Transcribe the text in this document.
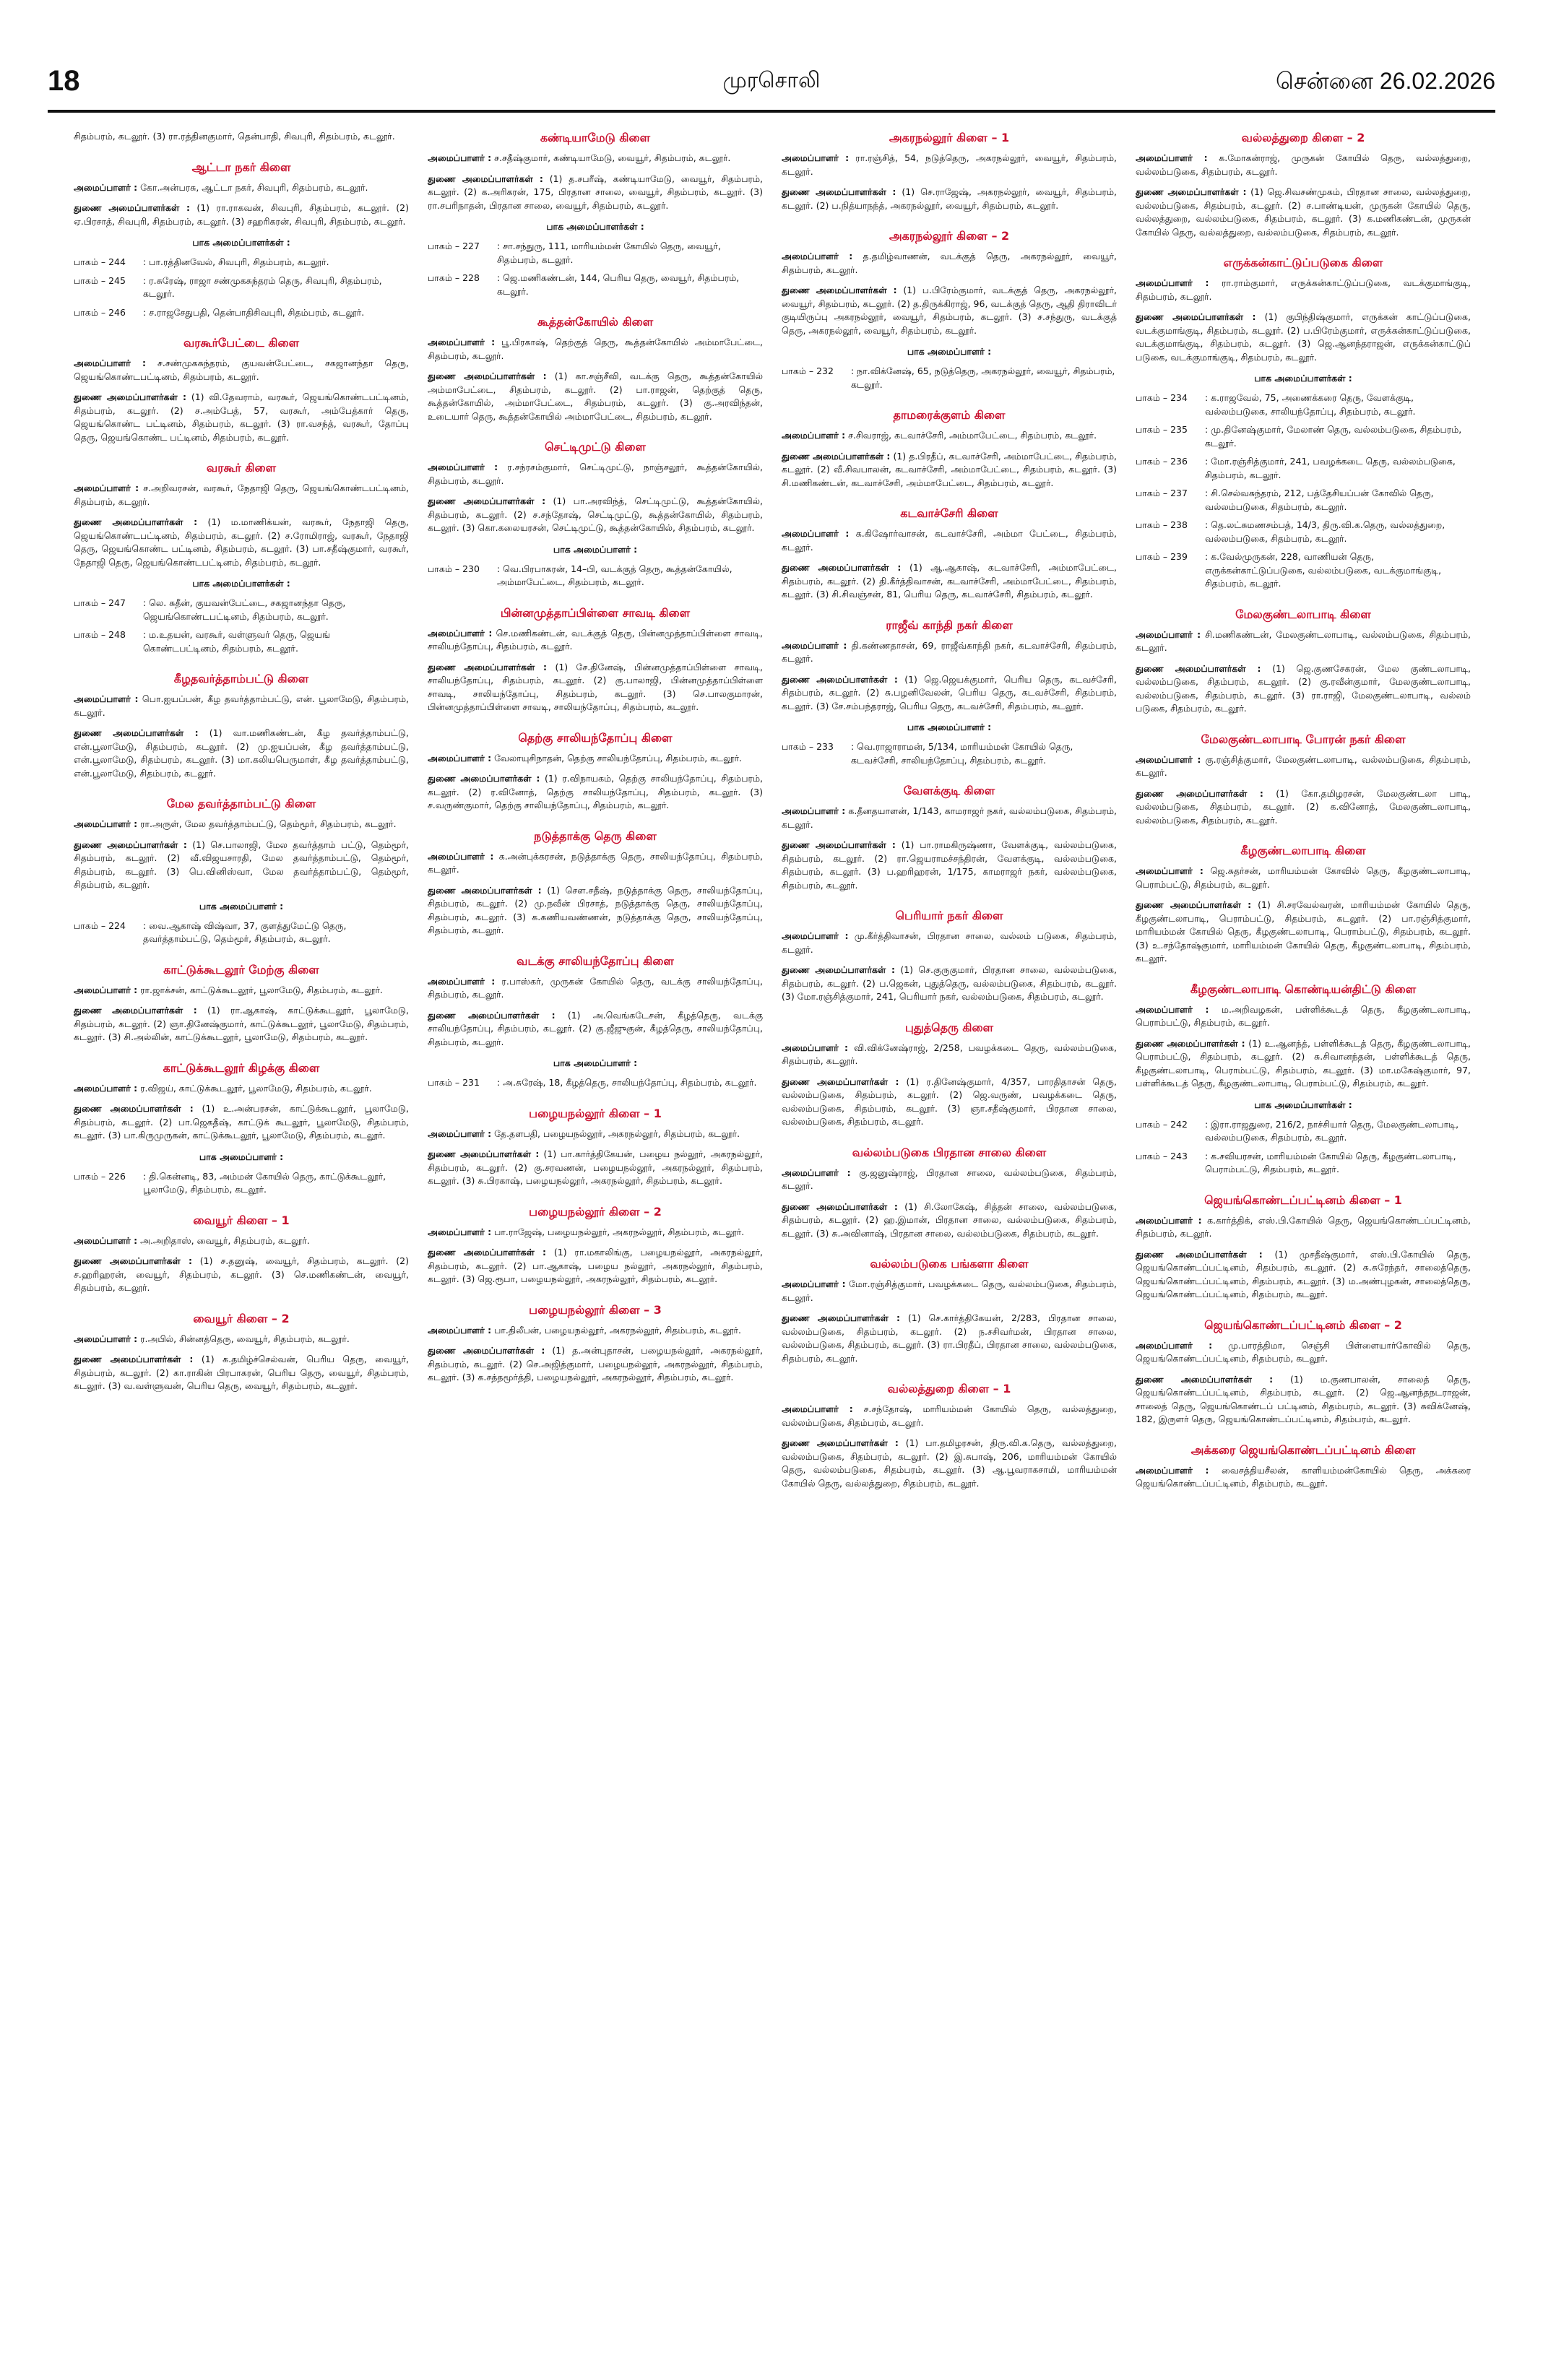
18	முரசொலி	சென்னை 26.02.2026
சிதம்பரம், கடலூர். (3) ரா.ரத்தினகுமார், தென்பாதி, சிவபுரி, சிதம்பரம், கடலூர்.
ஆட்டா நகர் கிளை
அமைப்பாளர் : கோ.அன்பரசு, ஆட்டா நகர், சிவபுரி, சிதம்பரம், கடலூர்.
துணை அமைப்பாளர்கள் : (1) ரா.ராகவன், சிவபுரி, சிதம்பரம், கடலூர். (2) ஏ.பிரசாத், சிவபுரி, சிதம்பரம், கடலூர். (3) சஹரிகரன், சிவபுரி, சிதம்பரம், கடலூர்.
பாக அமைப்பாளர்கள் :
பாகம் – 244	: பா.ரத்தினவேல், சிவபுரி, சிதம்பரம், கடலூர்.
பாகம் – 245	: ர.சுரேஷ், ராஜா சண்முகசுந்தரம் தெரு, சிவபுரி, சிதம்பரம், கடலூர்.
பாகம் – 246	: ச.ராஜசேதுபதி, தென்பாதிசிவபுரி, சிதம்பரம், கடலூர்.
வரகூர்பேட்டை கிளை
அமைப்பாளர் : ச.சண்முகசுந்தரம், குயவன்பேட்டை, சகஜானந்தா தெரு, ஜெயங்கொண்டபட்டினம், சிதம்பரம், கடலூர்.
துணை அமைப்பாளர்கள் : (1) வி.தேவராம், வரகூர், ஜெயங்கொண்டபட்டினம், சிதம்பரம், கடலூர். (2) ச.அம்பேத், 57, வரகூர், அம்பேத்கார் தெரு, ஜெயங்கொண்ட பட்டினம், சிதம்பரம், கடலூர். (3) ரா.வசந்த், வரகூர், தோப்பு தெரு, ஜெயங்கொண்ட பட்டினம், சிதம்பரம், கடலூர்.
வரகூர் கிளை
அமைப்பாளர் : ச.அறிவரசன், வரகூர், நேதாஜி தெரு, ஜெயங்கொண்டபட்டினம், சிதம்பரம், கடலூர்.
துணை அமைப்பாளர்கள் : (1) ம.மாணிக்யன், வரகூர், நேதாஜி தெரு, ஜெயங்கொண்டபட்டினம், சிதம்பரம், கடலூர். (2) ச.ரோமிராஜ், வரகூர், நேதாஜி தெரு, ஜெயங்கொண்ட பட்டினம், சிதம்பரம், கடலூர். (3) பா.சதீஷ்குமார், வரகூர், நேதாஜி தெரு, ஜெயங்கொண்டபட்டினம், சிதம்பரம், கடலூர்.
பாக அமைப்பாளர்கள் :
பாகம் – 247	: லெ. சுதீன், குயவன்பேட்டை, சகஜானந்தா தெரு, ஜெயங்கொண்டபட்டினம், சிதம்பரம், கடலூர்.
பாகம் – 248	: ம.உதயன், வரகூர், வள்ளுவர் தெரு, ஜெயங் கொண்டபட்டினம், சிதம்பரம், கடலூர்.
கீழதவர்த்தாம்பட்டு கிளை
அமைப்பாளர் : பொ.ஐயப்பன், கீழ தவர்த்தாம்பட்டு, என். பூலாமேடு, சிதம்பரம், கடலூர்.
துணை அமைப்பாளர்கள் : (1) வா.மணிகண்டன், கீழ தவர்த்தாம்பட்டு, என்.பூலாமேடு, சிதம்பரம், கடலூர். (2) மு.ஐயப்பன், கீழ தவர்த்தாம்பட்டு, என்.பூலாமேடு, சிதம்பரம், கடலூர். (3) மா.கலியபெருமாள், கீழ தவர்த்தாம்பட்டு, என்.பூலாமேடு, சிதம்பரம், கடலூர்.
மேல தவர்த்தாம்பட்டு கிளை
அமைப்பாளர் : ரா.அருள், மேல தவர்த்தாம்பட்டு, தெம்மூர், சிதம்பரம், கடலூர்.
துணை அமைப்பாளர்கள் : (1) செ.பாலாஜி, மேல தவர்த்தாம் பட்டு, தெம்மூர், சிதம்பரம், கடலூர். (2) வீ.விஜயசாரதி, மேல தவர்த்தாம்பட்டு, தெம்மூர், சிதம்பரம், கடலூர். (3) பெ.வினிஸ்வா, மேல தவர்த்தாம்பட்டு, தெம்மூர், சிதம்பரம், கடலூர்.
பாக அமைப்பாளர் :
பாகம் – 224	: வை.ஆகாஷ் விஷ்வா, 37, குளத்துமேட்டு தெரு, தவர்த்தாம்பட்டு, தெம்மூர், சிதம்பரம், கடலூர்.
காட்டுக்கூடலூர் மேற்கு கிளை
அமைப்பாளர் : ரா.ஜாக்சன், காட்டுக்கூடலூர், பூலாமேடு, சிதம்பரம், கடலூர்.
துணை அமைப்பாளர்கள் : (1) ரா.ஆகாஷ், காட்டுக்கூடலூர், பூலாமேடு, சிதம்பரம், கடலூர். (2) ஞா.தினேஷ்குமார், காட்டுக்கூடலூர், பூலாமேடு, சிதம்பரம், கடலூர். (3) சி.அல்லின், காட்டுக்கூடலூர், பூலாமேடு, சிதம்பரம், கடலூர்.
காட்டுக்கூடலூர் கிழக்கு கிளை
அமைப்பாளர் : ர.விஜய், காட்டுக்கூடலூர், பூலாமேடு, சிதம்பரம், கடலூர்.
துணை அமைப்பாளர்கள் : (1) உ.அன்பரசன், காட்டுக்கூடலூர், பூலாமேடு, சிதம்பரம், கடலூர். (2) பா.ஜெகதீஷ், காட்டுக் கூடலூர், பூலாமேடு, சிதம்பரம், கடலூர். (3) பா.கிருமுருகன், காட்டுக்கூடலூர், பூலாமேடு, சிதம்பரம், கடலூர்.
பாக அமைப்பாளர் :
பாகம் – 226	: தி.கென்னடி, 83, அம்மன் கோயில் தெரு, காட்டுக்கூடலூர், பூலாமேடு, சிதம்பரம், கடலூர்.
வையூர் கிளை – 1
அமைப்பாளர் : அ.அறிதாஸ், வையூர், சிதம்பரம், கடலூர்.
துணை அமைப்பாளர்கள் : (1) ச.தனுஷ், வையூர், சிதம்பரம், கடலூர். (2) ச.ஹரிஹரன், வையூர், சிதம்பரம், கடலூர். (3) செ.மணிகண்டன், வையூர், சிதம்பரம், கடலூர்.
வையூர் கிளை – 2
அமைப்பாளர் : ர.அபில், சின்னத்தெரு, வையூர், சிதம்பரம், கடலூர்.
துணை அமைப்பாளர்கள் : (1) க.தமிழ்ச்செல்வன், பெரிய தெரு, வையூர், சிதம்பரம், கடலூர். (2) கா.ராகின் பிரபாகரன், பெரிய தெரு, வையூர், சிதம்பரம், கடலூர். (3) வ.வள்ளுவன், பெரிய தெரு, வையூர், சிதம்பரம், கடலூர்.
கண்டியாமேடு கிளை
அமைப்பாளர் : ச.சதீஷ்குமார், கண்டியாமேடு, வையூர், சிதம்பரம், கடலூர்.
துணை அமைப்பாளர்கள் : (1) த.சபரீஷ், கண்டியாமேடு, வையூர், சிதம்பரம், கடலூர். (2) க.அரிகரன், 175, பிரதான சாலை, வையூர், சிதம்பரம், கடலூர். (3) ரா.சபரிநாதன், பிரதான சாலை, வையூர், சிதம்பரம், கடலூர்.
பாக அமைப்பாளர்கள் :
பாகம் – 227	: சா.சந்துரு, 111, மாரியம்மன் கோயில் தெரு, வையூர், சிதம்பரம், கடலூர்.
பாகம் – 228	: ஜெ.மணிகண்டன், 144, பெரிய தெரு, வையூர், சிதம்பரம், கடலூர்.
கூத்தன்கோயில் கிளை
அமைப்பாளர் : பூ.பிரகாஷ், தெற்குத் தெரு, கூத்தன்கோயில் அம்மாபேட்டை, சிதம்பரம், கடலூர்.
துணை அமைப்பாளர்கள் : (1) கா.சஞ்சீவி, வடக்கு தெரு, கூத்தன்கோயில் அம்மாபேட்டை, சிதம்பரம், கடலூர். (2) பா.ராஜன், தெற்குத் தெரு, கூத்தன்கோயில், அம்மாபேட்டை, சிதம்பரம், கடலூர். (3) கு.அரவிந்தன், உடையார் தெரு, கூத்தன்கோயில் அம்மாபேட்டை, சிதம்பரம், கடலூர்.
செட்டிமுட்டு கிளை
அமைப்பாளர் : ர.சந்ரசம்குமார், செட்டிமுட்டு, நாஞ்சலூர், கூத்தன்கோயில், சிதம்பரம், கடலூர்.
துணை அமைப்பாளர்கள் : (1) பா.அரவிந்த், செட்டிமுட்டு, கூத்தன்கோயில், சிதம்பரம், கடலூர். (2) ச.சந்தோஷ், செட்டிமுட்டு, கூத்தன்கோயில், சிதம்பரம், கடலூர். (3) கொ.கலையரசன், செட்டிமுட்டு, கூத்தன்கோயில், சிதம்பரம், கடலூர்.
பாக அமைப்பாளர் :
பாகம் – 230	: வெ.பிரபாகரன், 14–பி, வடக்குத் தெரு, கூத்தன்கோயில், அம்மாபேட்டை, சிதம்பரம், கடலூர்.
பின்னமுத்தாப்பிள்ளை சாவடி கிளை
அமைப்பாளர் : செ.மணிகண்டன், வடக்குத் தெரு, பின்னமுத்தாப்பிள்ளை சாவடி, சாலியந்தோப்பு, சிதம்பரம், கடலூர்.
துணை அமைப்பாளர்கள் : (1) சே.தினேஷ், பின்னமுத்தாப்பிள்ளை சாவடி, சாலியந்தோப்பு, சிதம்பரம், கடலூர். (2) கு.பாலாஜி, பின்னமுத்தாப்பிள்ளை சாவடி, சாலியந்தோப்பு, சிதம்பரம், கடலூர். (3) செ.பாலகுமாரன், பின்னமுத்தாப்பிள்ளை சாவடி, சாலியந்தோப்பு, சிதம்பரம், கடலூர்.
தெற்கு சாலியந்தோப்பு கிளை
அமைப்பாளர் : வேலாயுசிநாதன், தெற்கு சாலியந்தோப்பு, சிதம்பரம், கடலூர்.
துணை அமைப்பாளர்கள் : (1) ர.விநாயகம், தெற்கு சாலியந்தோப்பு, சிதம்பரம், கடலூர். (2) ர.வினோத், தெற்கு சாலியந்தோப்பு, சிதம்பரம், கடலூர். (3) ச.வருண்குமார், தெற்கு சாலியந்தோப்பு, சிதம்பரம், கடலூர்.
நடுத்தாக்கு தெரு கிளை
அமைப்பாளர் : க.அன்புக்கரசன், நடுத்தாக்கு தெரு, சாலியந்தோப்பு, சிதம்பரம், கடலூர்.
துணை அமைப்பாளர்கள் : (1) செள.சதீஷ், நடுத்தாக்கு தெரு, சாலியந்தோப்பு, சிதம்பரம், கடலூர். (2) மு.நவீன் பிரசாத், நடுத்தாக்கு தெரு, சாலியந்தோப்பு, சிதம்பரம், கடலூர். (3) க.கணியவண்ணன், நடுத்தாக்கு தெரு, சாலியந்தோப்பு, சிதம்பரம், கடலூர்.
வடக்கு சாலியந்தோப்பு கிளை
அமைப்பாளர் : ர.பாஸ்கர், முருகன் கோயில் தெரு, வடக்கு சாலியந்தோப்பு, சிதம்பரம், கடலூர்.
துணை அமைப்பாளர்கள் : (1) அ.வெங்கடேசன், கீழத்தெரு, வடக்கு சாலியந்தோப்பு, சிதம்பரம், கடலூர். (2) கு.ஜீஜுகுன், கீழத்தெரு, சாலியந்தோப்பு, சிதம்பரம், கடலூர்.
பாக அமைப்பாளர் :
பாகம் – 231	: அ.சுரேஷ், 18, கீழத்தெரு, சாலியந்தோப்பு, சிதம்பரம், கடலூர்.
பழையநல்லூர் கிளை – 1
அமைப்பாளர் : தே.தளபதி, பழையநல்லூர், அகரநல்லூர், சிதம்பரம், கடலூர்.
துணை அமைப்பாளர்கள் : (1) பா.கார்த்திகேயன், பழைய நல்லூர், அகரநல்லூர், சிதம்பரம், கடலூர். (2) கு.சரவணன், பழையநல்லூர், அகரநல்லூர், சிதம்பரம், கடலூர். (3) சு.பிரகாஷ், பழையநல்லூர், அகரநல்லூர், சிதம்பரம், கடலூர்.
பழையநல்லூர் கிளை – 2
அமைப்பாளர் : பா.ராஜேஷ், பழையநல்லூர், அகரநல்லூர், சிதம்பரம், கடலூர்.
துணை அமைப்பாளர்கள் : (1) ரா.மகாலிங்கு, பழையநல்லூர், அகரநல்லூர், சிதம்பரம், கடலூர். (2) பா.ஆகாஷ், பழைய நல்லூர், அகரநல்லூர், சிதம்பரம், கடலூர். (3) ஜெ.ரூபா, பழையநல்லூர், அகரநல்லூர், சிதம்பரம், கடலூர்.
பழையநல்லூர் கிளை – 3
அமைப்பாளர் : பா.திலீபன், பழையநல்லூர், அகரநல்லூர், சிதம்பரம், கடலூர்.
துணை அமைப்பாளர்கள் : (1) த.அன்புதாசன், பழையநல்லூர், அகரநல்லூர், சிதம்பரம், கடலூர். (2) செ.அஜித்குமார், பழையநல்லூர், அகரநல்லூர், சிதம்பரம், கடலூர். (3) க.சத்தமூர்த்தி, பழையநல்லூர், அகரநல்லூர், சிதம்பரம், கடலூர்.
அகரநல்லூர் கிளை – 1
அமைப்பாளர் : ரா.ரஞ்சித், 54, நடுத்தெரு, அகரநல்லூர், வையூர், சிதம்பரம், கடலூர்.
துணை அமைப்பாளர்கள் : (1) செ.ராஜேஷ், அகரநல்லூர், வையூர், சிதம்பரம், கடலூர். (2) ப.நித்யாநந்த், அகரநல்லூர், வையூர், சிதம்பரம், கடலூர்.
அகரநல்லூர் கிளை – 2
அமைப்பாளர் : த.தமிழ்வாணன், வடக்குத் தெரு, அகரநல்லூர், வையூர், சிதம்பரம், கடலூர்.
துணை அமைப்பாளர்கள் : (1) ப.பிரேம்குமார், வடக்குத் தெரு, அகரநல்லூர், வையூர், சிதம்பரம், கடலூர். (2) த.திருக்கிராஜ், 96, வடக்குத் தெரு, ஆதி திராவிடர் குடியிருப்பு அகரநல்லூர், வையூர், சிதம்பரம், கடலூர். (3) ச.சந்துரு, வடக்குத் தெரு, அகரநல்லூர், வையூர், சிதம்பரம், கடலூர்.
பாக அமைப்பாளர் :
பாகம் – 232	: நா.விக்னேஷ், 65, நடுத்தெரு, அகரநல்லூர், வையூர், சிதம்பரம், கடலூர்.
தாமரைக்குளம் கிளை
அமைப்பாளர் : ச.சிவராஜ், கடவாச்சேரி, அம்மாபேட்டை, சிதம்பரம், கடலூர்.
துணை அமைப்பாளர்கள் : (1) த.பிரதீப், கடவாச்சேரி, அம்மாபேட்டை, சிதம்பரம், கடலூர். (2) வீ.சிவபாலன், கடவாச்சேரி, அம்மாபேட்டை, சிதம்பரம், கடலூர். (3) சி.மணிகண்டன், கடவாச்சேரி, அம்மாபேட்டை, சிதம்பரம், கடலூர்.
கடவாச்சேரி கிளை
அமைப்பாளர் : க.கிஷோர்வாசன், கடவாச்சேரி, அம்மா பேட்டை, சிதம்பரம், கடலூர்.
துணை அமைப்பாளர்கள் : (1) ஆ.ஆகாஷ், கடவாச்சேரி, அம்மாபேட்டை, சிதம்பரம், கடலூர். (2) தி.கீர்த்திவாசன், கடவாச்சேரி, அம்மாபேட்டை, சிதம்பரம், கடலூர். (3) சி.சிவஞ்சன், 81, பெரிய தெரு, கடவாச்சேரி, சிதம்பரம், கடலூர்.
ராஜீவ் காந்தி நகர் கிளை
அமைப்பாளர் : தி.கண்ணதாசன், 69, ராஜீவ்காந்தி நகர், கடவாச்சேரி, சிதம்பரம், கடலூர்.
துணை அமைப்பாளர்கள் : (1) ஜெ.ஜெயக்குமார், பெரிய தெரு, கடவச்சேரி, சிதம்பரம், கடலூர். (2) சு.பழனிவேலன், பெரிய தெரு, கடவச்சேரி, சிதம்பரம், கடலூர். (3) சே.சம்பந்தராஜ், பெரிய தெரு, கடவச்சேரி, சிதம்பரம், கடலூர்.
பாக அமைப்பாளர் :
பாகம் – 233	: வெ.ராஜாராமன், 5/134, மாரியம்மன் கோயில் தெரு, கடவச்சேரி, சாலியந்தோப்பு, சிதம்பரம், கடலூர்.
வேளக்குடி கிளை
அமைப்பாளர் : க.தீனதயாளன், 1/143, காமராஜர் நகர், வல்லம்படுகை, சிதம்பரம், கடலூர்.
துணை அமைப்பாளர்கள் : (1) பா.ராமகிருஷ்ணா, வேளக்குடி, வல்லம்படுகை, சிதம்பரம், கடலூர். (2) ரா.ஜெயராமச்சந்திரன், வேளக்குடி, வல்லம்படுகை, சிதம்பரம், கடலூர். (3) ப.ஹரிஹரன், 1/175, காமராஜர் நகர், வல்லம்படுகை, சிதம்பரம், கடலூர்.
பெரியார் நகர் கிளை
அமைப்பாளர் : மு.கீர்த்திவாசன், பிரதான சாலை, வல்லம் படுகை, சிதம்பரம், கடலூர்.
துணை அமைப்பாளர்கள் : (1) செ.குருகுமார், பிரதான சாலை, வல்லம்படுகை, சிதம்பரம், கடலூர். (2) ப.ஜெகன், புதுத்தெரு, வல்லம்படுகை, சிதம்பரம், கடலூர். (3) மோ.ரஞ்சித்குமார், 241, பெரியார் நகர், வல்லம்படுகை, சிதம்பரம், கடலூர்.
புதுத்தெரு கிளை
அமைப்பாளர் : வி.விக்னேஷ்ராஜ், 2/258, பவழக்கடை தெரு, வல்லம்படுகை, சிதம்பரம், கடலூர்.
துணை அமைப்பாளர்கள் : (1) ர.தினேஷ்குமார், 4/357, பாரதிதாசன் தெரு, வல்லம்படுகை, சிதம்பரம், கடலூர். (2) ஜெ.வருண், பவழக்கடை தெரு, வல்லம்படுகை, சிதம்பரம், கடலூர். (3) ஞா.சதீஷ்குமார், பிரதான சாலை, வல்லம்படுகை, சிதம்பரம், கடலூர்.
வல்லம்படுகை பிரதான சாலை கிளை
அமைப்பாளர் : கு.ஜனுஷ்ராஜ், பிரதான சாலை, வல்லம்படுகை, சிதம்பரம், கடலூர்.
துணை அமைப்பாளர்கள் : (1) சி.லோகேஷ், சித்தன் சாலை, வல்லம்படுகை, சிதம்பரம், கடலூர். (2) ஹ.இமான், பிரதான சாலை, வல்லம்படுகை, சிதம்பரம், கடலூர். (3) சு.அவினாஷ், பிரதான சாலை, வல்லம்படுகை, சிதம்பரம், கடலூர்.
வல்லம்படுகை பங்களா கிளை
அமைப்பாளர் : மோ.ரஞ்சித்குமார், பவழக்கடை தெரு, வல்லம்படுகை, சிதம்பரம், கடலூர்.
துணை அமைப்பாளர்கள் : (1) செ.கார்த்திகேயன், 2/283, பிரதான சாலை, வல்லம்படுகை, சிதம்பரம், கடலூர். (2) ந.சசிவர்மன், பிரதான சாலை, வல்லம்படுகை, சிதம்பரம், கடலூர். (3) ரா.பிரதீப், பிரதான சாலை, வல்லம்படுகை, சிதம்பரம், கடலூர்.
வல்லத்துறை கிளை – 1
அமைப்பாளர் : ச.சந்தோஷ், மாரியம்மன் கோயில் தெரு, வல்லத்துறை, வல்லம்படுகை, சிதம்பரம், கடலூர்.
துணை அமைப்பாளர்கள் : (1) பா.தமிழரசன், திரு.வி.க.தெரு, வல்லத்துறை, வல்லம்படுகை, சிதம்பரம், கடலூர். (2) இ.சுபாஷ், 206, மாரியம்மன் கோயில் தெரு, வல்லம்படுகை, சிதம்பரம், கடலூர். (3) ஆ.பூவராகசாமி, மாரியம்மன் கோயில் தெரு, வல்லத்துறை, சிதம்பரம், கடலூர்.
வல்லத்துறை கிளை – 2
அமைப்பாளர் : க.மோகன்ராஜ், முருகன் கோயில் தெரு, வல்லத்துறை, வல்லம்படுகை, சிதம்பரம், கடலூர்.
துணை அமைப்பாளர்கள் : (1) ஜெ.சிவசண்முகம், பிரதான சாலை, வல்லத்துறை, வல்லம்படுகை, சிதம்பரம், கடலூர். (2) ச.பாண்டியன், முருகன் கோயில் தெரு, வல்லத்துறை, வல்லம்படுகை, சிதம்பரம், கடலூர். (3) க.மணிகண்டன், முருகன் கோயில் தெரு, வல்லத்துறை, வல்லம்படுகை, சிதம்பரம், கடலூர்.
எருக்கன்காட்டுப்படுகை கிளை
அமைப்பாளர் : ரா.ராம்குமார், எருக்கன்காட்டுப்படுகை, வடக்குமாங்குடி, சிதம்பரம், கடலூர்.
துணை அமைப்பாளர்கள் : (1) குபிந்திஷ்குமார், எருக்கன் காட்டுப்படுகை, வடக்குமாங்குடி, சிதம்பரம், கடலூர். (2) ப.பிரேம்குமார், எருக்கன்காட்டுப்படுகை, வடக்குமாங்குடி, சிதம்பரம், கடலூர். (3) ஜெ.ஆனந்தராஜன், எருக்கன்காட்டுப் படுகை, வடக்குமாங்குடி, சிதம்பரம், கடலூர்.
பாக அமைப்பாளர்கள் :
பாகம் – 234	: க.ராஜவேல், 75, அணைக்கரை தெரு, வேளக்குடி, வல்லம்படுகை, சாலியந்தோப்பு, சிதம்பரம், கடலூர்.
பாகம் – 235	: மு.தினேஷ்குமார், மேலாண் தெரு, வல்லம்படுகை, சிதம்பரம், கடலூர்.
பாகம் – 236	: மோ.ரஞ்சித்குமார், 241, பவழக்கடை தெரு, வல்லம்படுகை, சிதம்பரம், கடலூர்.
பாகம் – 237	: சி.செல்வசுந்தரம், 212, பத்தேசியப்பன் கோவில் தெரு, வல்லம்படுகை, சிதம்பரம், கடலூர்.
பாகம் – 238	: தெ.லட்சுமணசம்பத், 14/3, திரு.வி.க.தெரு, வல்லத்துறை, வல்லம்படுகை, சிதம்பரம், கடலூர்.
பாகம் – 239	: க.வேல்முருகன், 228, வாணியன் தெரு, எருக்கன்காட்டுப்படுகை, வல்லம்படுகை, வடக்குமாங்குடி, சிதம்பரம், கடலூர்.
மேலகுண்டலாபாடி கிளை
அமைப்பாளர் : சி.மணிகண்டன், மேலகுண்டலாபாடி, வல்லம்படுகை, சிதம்பரம், கடலூர்.
துணை அமைப்பாளர்கள் : (1) ஜெ.குணசேகரன், மேல குண்டலாபாடி, வல்லம்படுகை, சிதம்பரம், கடலூர். (2) கு.ரவீன்குமார், மேலகுண்டலாபாடி, வல்லம்படுகை, சிதம்பரம், கடலூர். (3) ரா.ராஜி, மேலகுண்டலாபாடி, வல்லம் படுகை, சிதம்பரம், கடலூர்.
மேலகுண்டலாபாடி போரன் நகர் கிளை
அமைப்பாளர் : கு.ரஞ்சித்குமார், மேலகுண்டலாபாடி, வல்லம்படுகை, சிதம்பரம், கடலூர்.
துணை அமைப்பாளர்கள் : (1) கோ.தமிழரசன், மேலகுண்டலா பாடி, வல்லம்படுகை, சிதம்பரம், கடலூர். (2) க.வினோத், மேலகுண்டலாபாடி, வல்லம்படுகை, சிதம்பரம், கடலூர்.
கீழகுண்டலாபாடி கிளை
அமைப்பாளர் : ஜெ.சுதர்சன், மாரியம்மன் கோவில் தெரு, கீழகுண்டலாபாடி, பெராம்பட்டு, சிதம்பரம், கடலூர்.
துணை அமைப்பாளர்கள் : (1) சி.சரவேல்வரன், மாரியம்மன் கோயில் தெரு, கீழகுண்டலாபாடி, பெராம்பட்டு, சிதம்பரம், கடலூர். (2) பா.ரஞ்சித்குமார், மாரியம்மன் கோயில் தெரு, கீழகுண்டலாபாடி, பெராம்பட்டு, சிதம்பரம், கடலூர். (3) உ.சந்தோஷ்குமார், மாரியம்மன் கோயில் தெரு, கீழகுண்டலாபாடி, சிதம்பரம், கடலூர்.
கீழகுண்டலாபாடி கொண்டியன்திட்டு கிளை
அமைப்பாளர் : ம.அறிவழகன், பள்ளிக்கூடத் தெரு, கீழகுண்டலாபாடி, பெராம்பட்டு, சிதம்பரம், கடலூர்.
துணை அமைப்பாளர்கள் : (1) உ.ஆனந்த், பள்ளிக்கூடத் தெரு, கீழகுண்டலாபாடி, பெராம்பட்டு, சிதம்பரம், கடலூர். (2) சு.சிவானந்தன், பள்ளிக்கூடத் தெரு, கீழகுண்டலாபாடி, பெராம்பட்டு, சிதம்பரம், கடலூர். (3) மா.மகேஷ்குமார், 97, பள்ளிக்கூடத் தெரு, கீழகுண்டலாபாடி, பெராம்பட்டு, சிதம்பரம், கடலூர்.
பாக அமைப்பாளர்கள் :
பாகம் – 242	: இரா.ராஜதுரை, 216/2, நாச்சியார் தெரு, மேலகுண்டலாபாடி, வல்லம்படுகை, சிதம்பரம், கடலூர்.
பாகம் – 243	: க.சவியரசன், மாரியம்மன் கோயில் தெரு, கீழகுண்டலாபாடி, பெராம்பட்டு, சிதம்பரம், கடலூர்.
ஜெயங்கொண்டப்பட்டினம் கிளை – 1
அமைப்பாளர் : க.கார்த்திக், எஸ்.பி.கோயில் தெரு, ஜெயங்கொண்டப்பட்டினம், சிதம்பரம், கடலூர்.
துணை அமைப்பாளர்கள் : (1) முசதீஷ்குமார், எஸ்.பி.கோயில் தெரு, ஜெயங்கொண்டப்பட்டினம், சிதம்பரம், கடலூர். (2) சு.சுரேந்தர், சாலைத்தெரு, ஜெயங்கொண்டப்பட்டினம், சிதம்பரம், கடலூர். (3) ம.அண்புழகன், சாலைத்தெரு, ஜெயங்கொண்டப்பட்டினம், சிதம்பரம், கடலூர்.
ஜெயங்கொண்டப்பட்டினம் கிளை – 2
அமைப்பாளர் : மு.பாரத்திமா, செஞ்சி பிள்ளையார்கோவில் தெரு, ஜெயங்கொண்டப்பட்டினம், சிதம்பரம், கடலூர்.
துணை அமைப்பாளர்கள் : (1) ம.குணபாலன், சாலைத் தெரு, ஜெயங்கொண்டப்பட்டினம், சிதம்பரம், கடலூர். (2) ஜெ.ஆனந்தநடராஜன், சாலைத் தெரு, ஜெயங்கொண்டப் பட்டினம், சிதம்பரம், கடலூர். (3) சுவிக்னேஷ், 182, இருளர் தெரு, ஜெயங்கொண்டப்பட்டினம், சிதம்பரம், கடலூர்.
அக்கரை ஜெயங்கொண்டப்பட்டினம் கிளை
அமைப்பாளர் : வைசத்தியசீலன், காளியம்மன்கோயில் தெரு, அக்கரை ஜெயங்கொண்டப்பட்டினம், சிதம்பரம், கடலூர்.
